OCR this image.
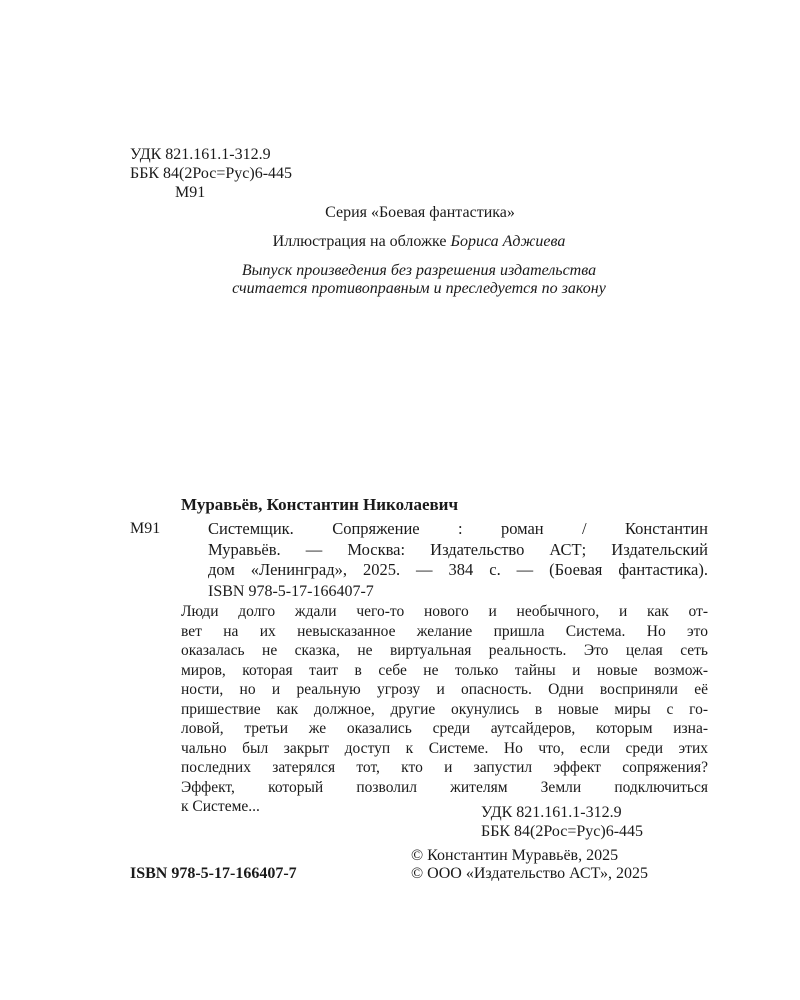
УДК 821.161.1-312.9
ББК 84(2Рос=Рус)6-445
М91
Серия «Боевая фантастика»
Иллюстрация на обложке Бориса Аджиева
Выпуск произведения без разрешения издательства
считается противоправным и преследуется по закону
Муравьёв, Константин Николаевич
М91	Системщик. Сопряжение : роман / Константин
Муравьёв. — Москва: Издательство АСТ; Издательский
дом «Ленинград», 2025. — 384 с. — (Боевая фантастика).
ISBN 978-5-17-166407-7

Люди долго ждали чего-то нового и необычного, и как от-

вет на их невысказанное желание пришла Система. Но это

оказалась не сказка, не виртуальная реальность. Это целая сеть

миров, которая таит в себе не только тайны и новые возмож-

ности, но и реальную угрозу и опасность. Одни восприняли её

пришествие как должное, другие окунулись в новые миры с го-

ловой, третьи же оказались среди аутсайдеров, которым изна-

чально был закрыт доступ к Системе. Но что, если среди этих

последних затерялся тот, кто и запустил эффект сопряжения?

Эффект, который позволил жителям Земли подключиться

к Системе...	УДК 821.161.1-312.9
ББК 84(2Рос=Рус)6-445
ISBN 978-5-17-166407-7
© Константин Муравьёв, 2025
© ООО «Издательство АСТ», 2025
